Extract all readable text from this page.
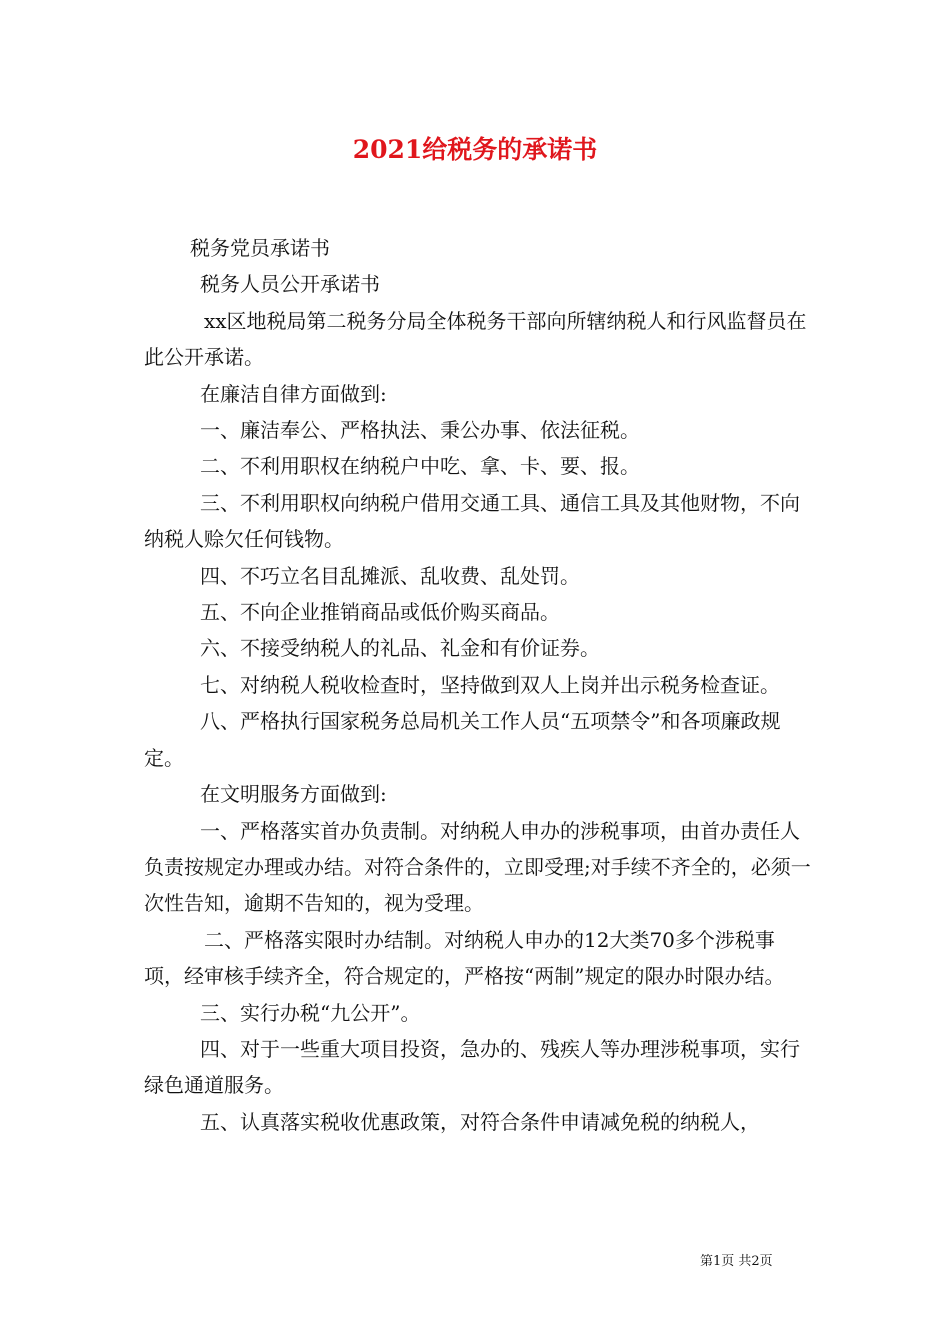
2021给税务的承诺书

税务党员承诺书

税务人员公开承诺书

xx区地税局第二税务分局全体税务干部向所辖纳税人和行风监督员在此公开承诺。

在廉洁自律方面做到:

一、廉洁奉公、严格执法、秉公办事、依法征税。

二、不利用职权在纳税户中吃、拿、卡、要、报。

三、不利用职权向纳税户借用交通工具、通信工具及其他财物，不向纳税人赊欠任何钱物。

四、不巧立名目乱摊派、乱收费、乱处罚。

五、不向企业推销商品或低价购买商品。

六、不接受纳税人的礼品、礼金和有价证券。

七、对纳税人税收检查时，坚持做到双人上岗并出示税务检查证。

八、严格执行国家税务总局机关工作人员“五项禁令”和各项廉政规定。

在文明服务方面做到:

一、严格落实首办负责制。对纳税人申办的涉税事项，由首办责任人负责按规定办理或办结。对符合条件的，立即受理;对手续不齐全的，必须一次性告知，逾期不告知的，视为受理。

二、严格落实限时办结制。对纳税人申办的12大类70多个涉税事项，经审核手续齐全，符合规定的，严格按“两制”规定的限办时限办结。

三、实行办税“九公开”。

四、对于一些重大项目投资，急办的、残疾人等办理涉税事项，实行绿色通道服务。

五、认真落实税收优惠政策，对符合条件申请减免税的纳税人，

第1页 共2页
